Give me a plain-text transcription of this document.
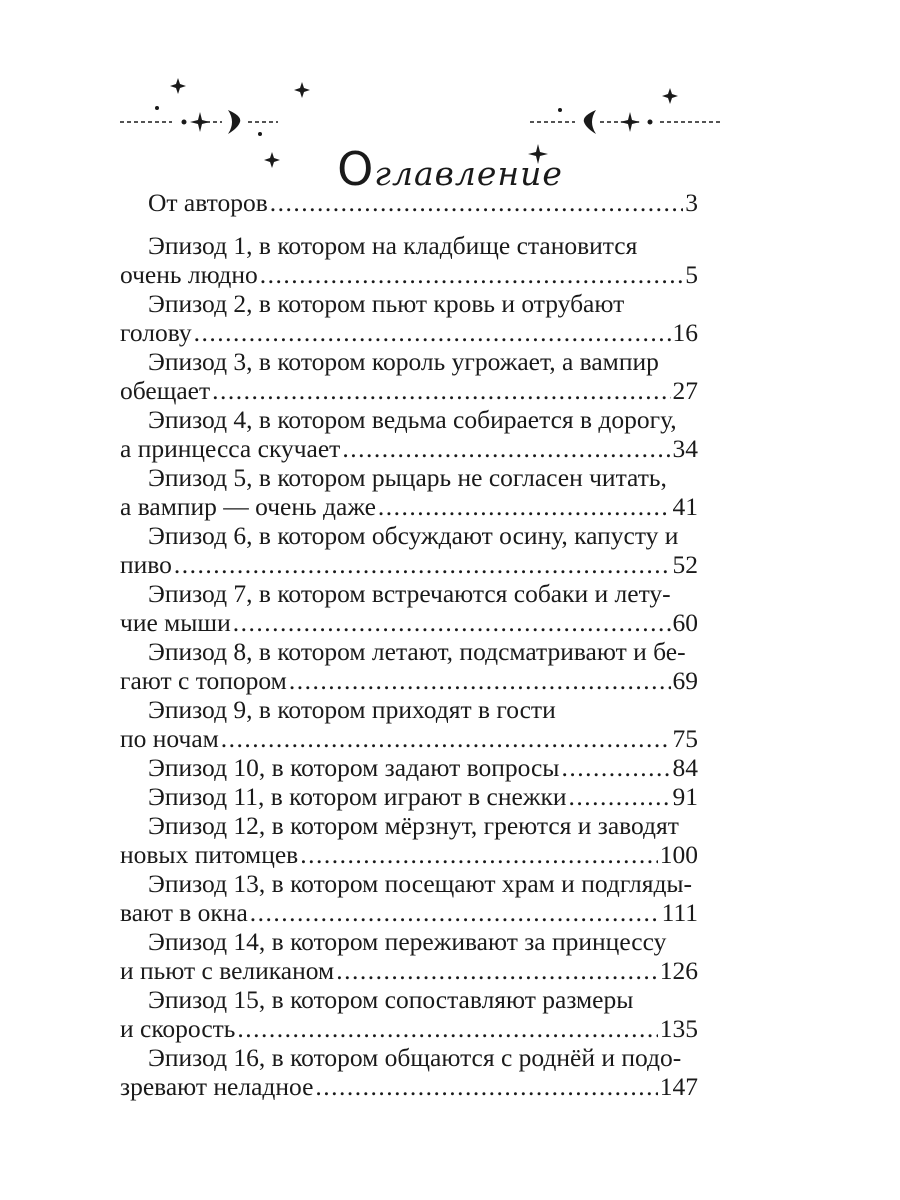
Оглавление
От авторов .....	3
Эпизод 1, в котором на кладбище становится
очень людно .....	5
Эпизод 2, в котором пьют кровь и отрубают
голову .....	16
Эпизод 3, в котором король угрожает, а вампир
обещает .....	27
Эпизод 4, в котором ведьма собирается в дорогу,
а принцесса скучает .....	34
Эпизод 5, в котором рыцарь не согласен читать,
а вампир — очень даже .....	41
Эпизод 6, в котором обсуждают осину, капусту и
пиво .....	52
Эпизод 7, в котором встречаются собаки и лету-
чие мыши .....	60
Эпизод 8, в котором летают, подсматривают и бе-
гают с топором .....	69
Эпизод 9, в котором приходят в гости
по ночам .....	75
Эпизод 10, в котором задают вопросы .....	84
Эпизод 11, в котором играют в снежки .....	91
Эпизод 12, в котором мёрзнут, греются и заводят
новых питомцев .....	100
Эпизод 13, в котором посещают храм и подгляды-
вают в окна .....	111
Эпизод 14, в котором переживают за принцессу
и пьют с великаном .....	126
Эпизод 15, в котором сопоставляют размеры
и скорость .....	135
Эпизод 16, в котором общаются с роднёй и подо-
зревают неладное .....	147
